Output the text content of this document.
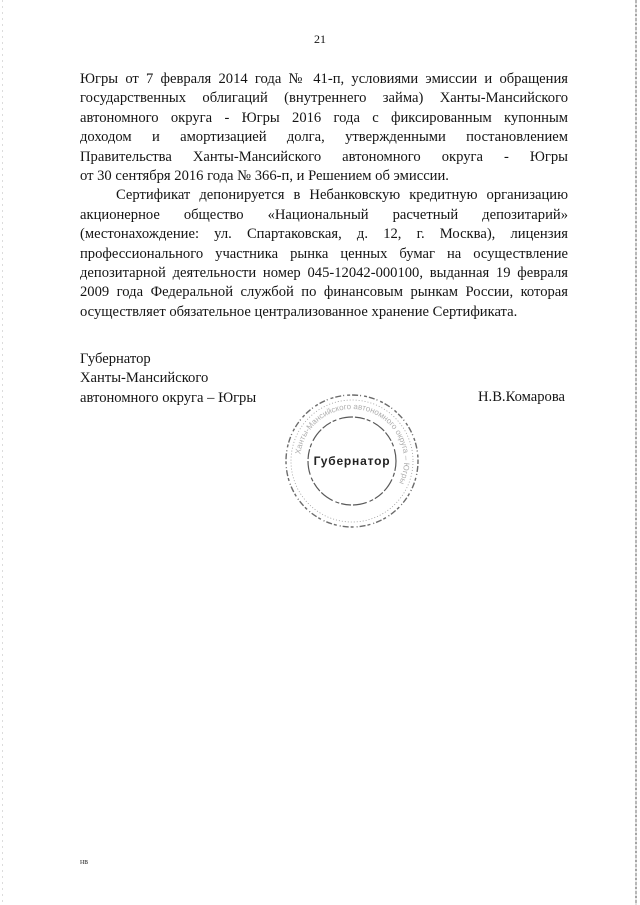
21

Югры от 7 февраля 2014 года № 41-п, условиями эмиссии и обращения

государственных облигаций (внутреннего займа) Ханты-Мансийского

автономного округа - Югры 2016 года с фиксированным купонным

доходом и амортизацией долга, утвержденными постановлением

Правительства Ханты-Мансийского автономного округа - Югры

от 30 сентября 2016 года № 366-п, и Решением об эмиссии.

Сертификат депонируется в Небанковскую кредитную организацию

акционерное общество «Национальный расчетный депозитарий»

(местонахождение: ул. Спартаковская, д. 12, г. Москва), лицензия

профессионального участника рынка ценных бумаг на осуществление

депозитарной деятельности номер 045-12042-000100, выданная 19 февраля

2009 года Федеральной службой по финансовым рынкам России, которая

осуществляет обязательное централизованное хранение Сертификата.

Губернатор
Ханты-Мансийского
автономного округа – Югры	Н.В.Комарова
Ханты-Мансийского автономного округа – Югры
Губернатор
нв
